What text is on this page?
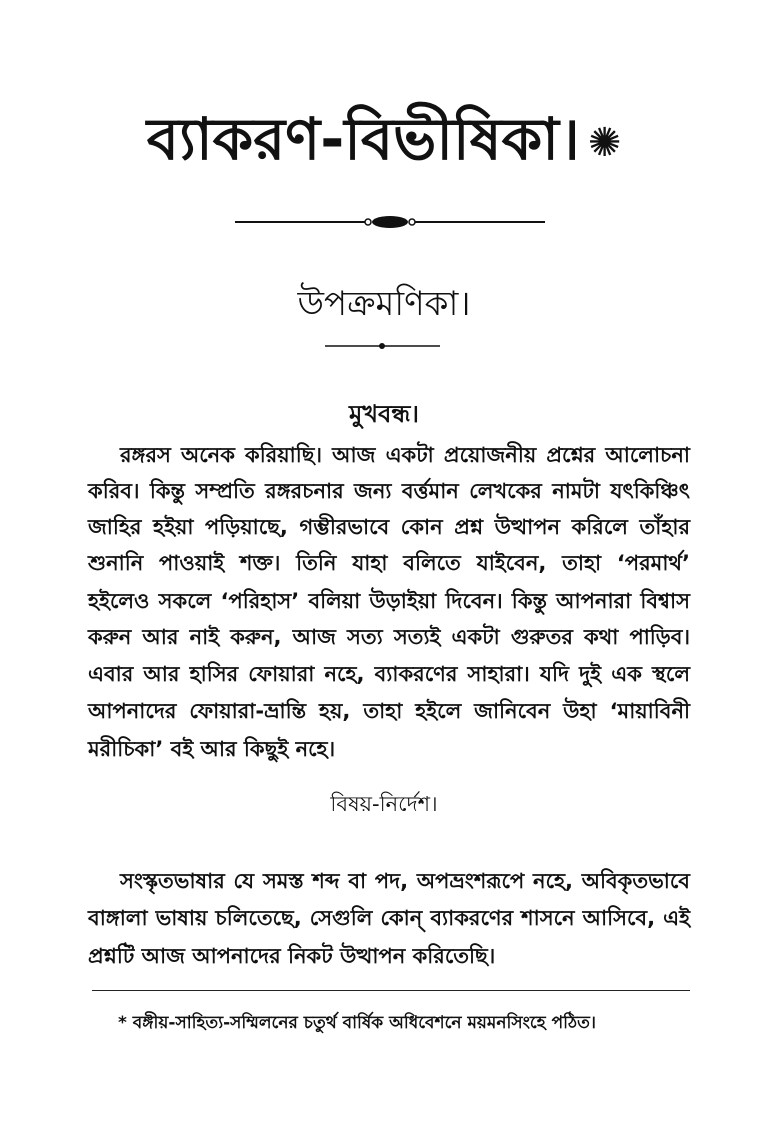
ব্যাকরণ-বিভীষিকা। ✺
উপক্রমণিকা।
মুখবন্ধ।
রঙ্গরস অনেক করিয়াছি। আজ একটা প্রয়োজনীয় প্রশ্নের আলোচনা
করিব। কিন্তু সম্প্রতি রঙ্গরচনার জন্য বর্ত্তমান লেখকের নামটা যৎকিঞ্চিৎ
জাহির হইয়া পড়িয়াছে, গম্ভীরভাবে কোন প্রশ্ন উত্থাপন করিলে তাঁহার
শুনানি পাওয়াই শক্ত। তিনি যাহা বলিতে যাইবেন, তাহা ‘পরমার্থ’
হইলেও সকলে ‘পরিহাস’ বলিয়া উড়াইয়া দিবেন। কিন্তু আপনারা বিশ্বাস
করুন আর নাই করুন, আজ সত্য সত্যই একটা গুরুতর কথা পাড়িব।
এবার আর হাসির ফোয়ারা নহে, ব্যাকরণের সাহারা। যদি দুই এক স্থলে
আপনাদের ফোয়ারা-ভ্রান্তি হয়, তাহা হইলে জানিবেন উহা ‘মায়াবিনী
মরীচিকা’ বই আর কিছুই নহে।
বিষয়-নির্দেশ।
সংস্কৃতভাষার যে সমস্ত শব্দ বা পদ, অপভ্রংশরূপে নহে, অবিকৃতভাবে
বাঙ্গালা ভাষায় চলিতেছে, সেগুলি কোন্ ব্যাকরণের শাসনে আসিবে, এই
প্রশ্নটি আজ আপনাদের নিকট উত্থাপন করিতেছি।
* বঙ্গীয়-সাহিত্য-সম্মিলনের চতুর্থ বার্ষিক অধিবেশনে ময়মনসিংহে পঠিত।
